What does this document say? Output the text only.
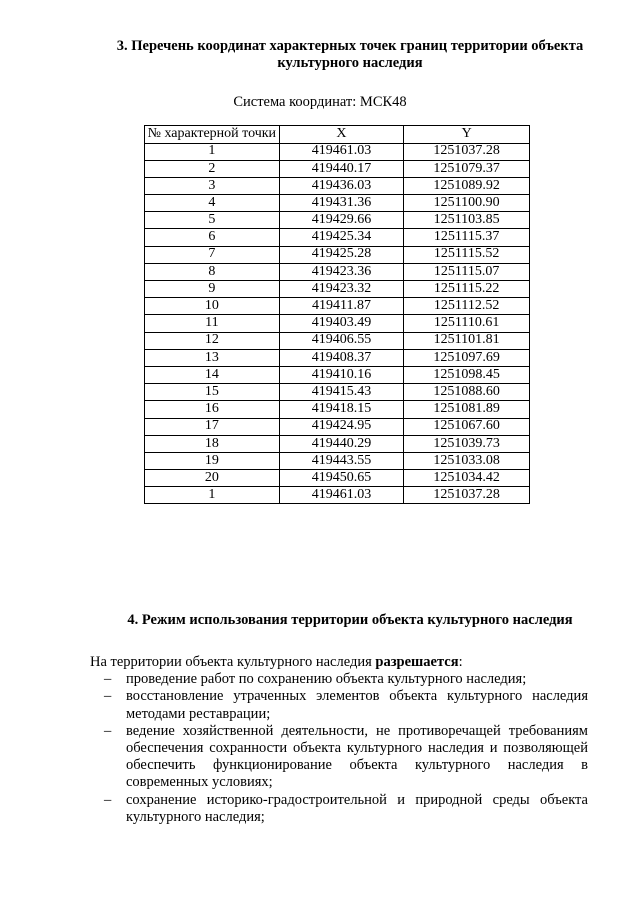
3. Перечень координат характерных точек границ территории объекта культурного наследия
Система координат: МСК48
№ характерной точки	X	Y
1	419461.03	1251037.28
2	419440.17	1251079.37
3	419436.03	1251089.92
4	419431.36	1251100.90
5	419429.66	1251103.85
6	419425.34	1251115.37
7	419425.28	1251115.52
8	419423.36	1251115.07
9	419423.32	1251115.22
10	419411.87	1251112.52
11	419403.49	1251110.61
12	419406.55	1251101.81
13	419408.37	1251097.69
14	419410.16	1251098.45
15	419415.43	1251088.60
16	419418.15	1251081.89
17	419424.95	1251067.60
18	419440.29	1251039.73
19	419443.55	1251033.08
20	419450.65	1251034.42
1	419461.03	1251037.28
На территории объекта культурного наследия разрешается:
– проведение работ по сохранению объекта культурного наследия;
– восстановление утраченных элементов объекта культурного наследия методами реставрации;
– ведение хозяйственной деятельности, не противоречащей требованиям обеспечения сохранности объекта культурного наследия и позволяющей обеспечить функционирование объекта культурного наследия в современных условиях;
– сохранение историко-градостроительной и природной среды объекта культурного наследия;
4. Режим использования территории объекта культурного наследия
